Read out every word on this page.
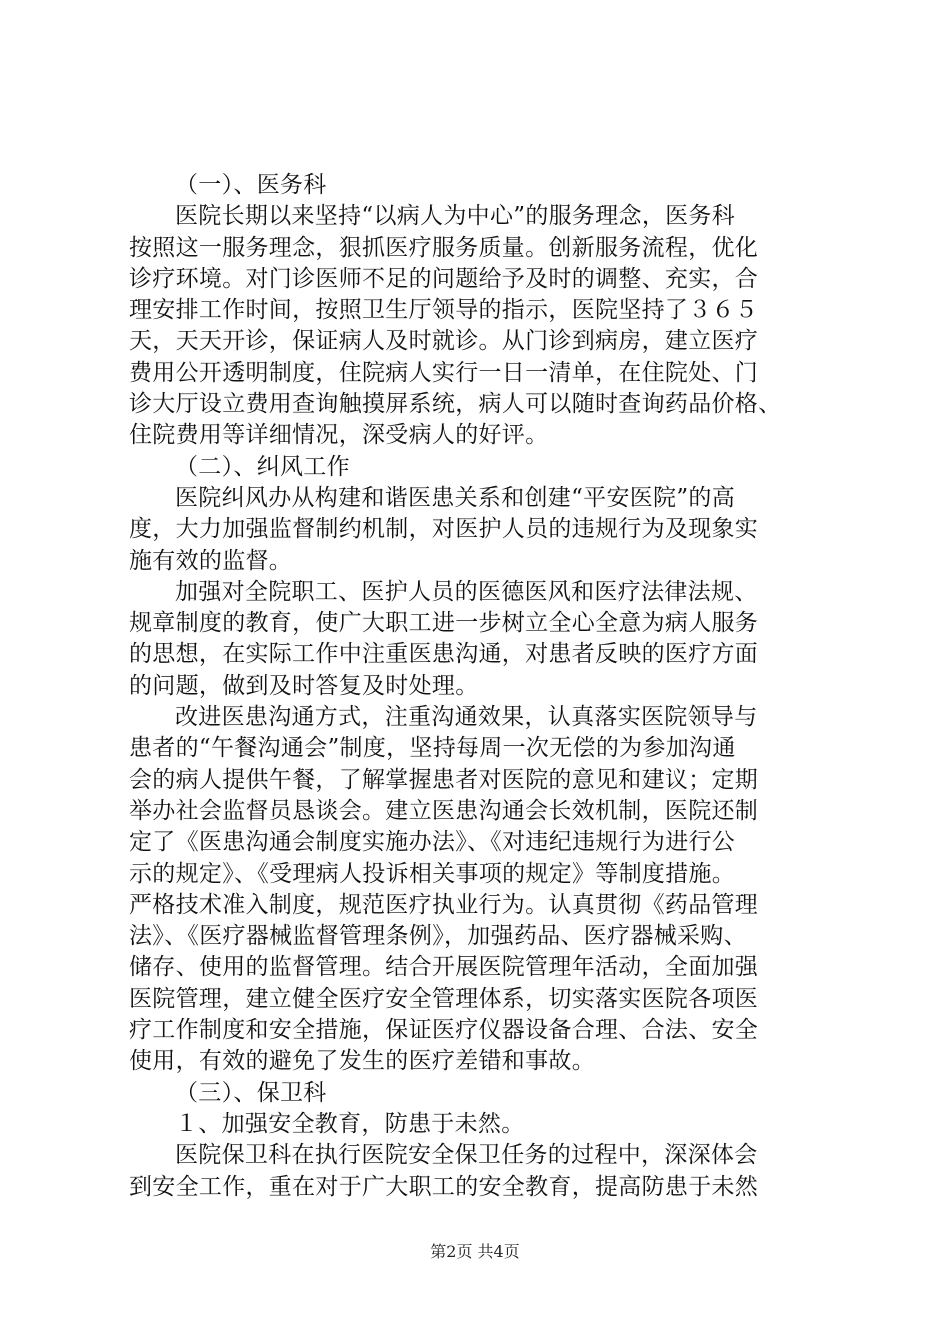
（一）、医务科
医院长期以来坚持“以病人为中心”的服务理念，医务科
按照这一服务理念，狠抓医疗服务质量。创新服务流程，优化
诊疗环境。对门诊医师不足的问题给予及时的调整、充实，合
理安排工作时间，按照卫生厅领导的指示，医院坚持了３６５
天，天天开诊，保证病人及时就诊。从门诊到病房，建立医疗
费用公开透明制度，住院病人实行一日一清单，在住院处、门
诊大厅设立费用查询触摸屏系统，病人可以随时查询药品价格、
住院费用等详细情况，深受病人的好评。
（二）、纠风工作
医院纠风办从构建和谐医患关系和创建“平安医院”的高
度，大力加强监督制约机制，对医护人员的违规行为及现象实
施有效的监督。
加强对全院职工、医护人员的医德医风和医疗法律法规、
规章制度的教育，使广大职工进一步树立全心全意为病人服务
的思想，在实际工作中注重医患沟通，对患者反映的医疗方面
的问题，做到及时答复及时处理。
改进医患沟通方式，注重沟通效果，认真落实医院领导与
患者的“午餐沟通会”制度，坚持每周一次无偿的为参加沟通
会的病人提供午餐，了解掌握患者对医院的意见和建议；定期
举办社会监督员恳谈会。建立医患沟通会长效机制，医院还制
定了《医患沟通会制度实施办法》、《对违纪违规行为进行公
示的规定》、《受理病人投诉相关事项的规定》等制度措施。
严格技术准入制度，规范医疗执业行为。认真贯彻《药品管理
法》、《医疗器械监督管理条例》，加强药品、医疗器械采购、
储存、使用的监督管理。结合开展医院管理年活动，全面加强
医院管理，建立健全医疗安全管理体系，切实落实医院各项医
疗工作制度和安全措施，保证医疗仪器设备合理、合法、安全
使用，有效的避免了发生的医疗差错和事故。
（三）、保卫科
１、加强安全教育，防患于未然。
医院保卫科在执行医院安全保卫任务的过程中，深深体会
到安全工作，重在对于广大职工的安全教育，提高防患于未然
第2页 共4页
